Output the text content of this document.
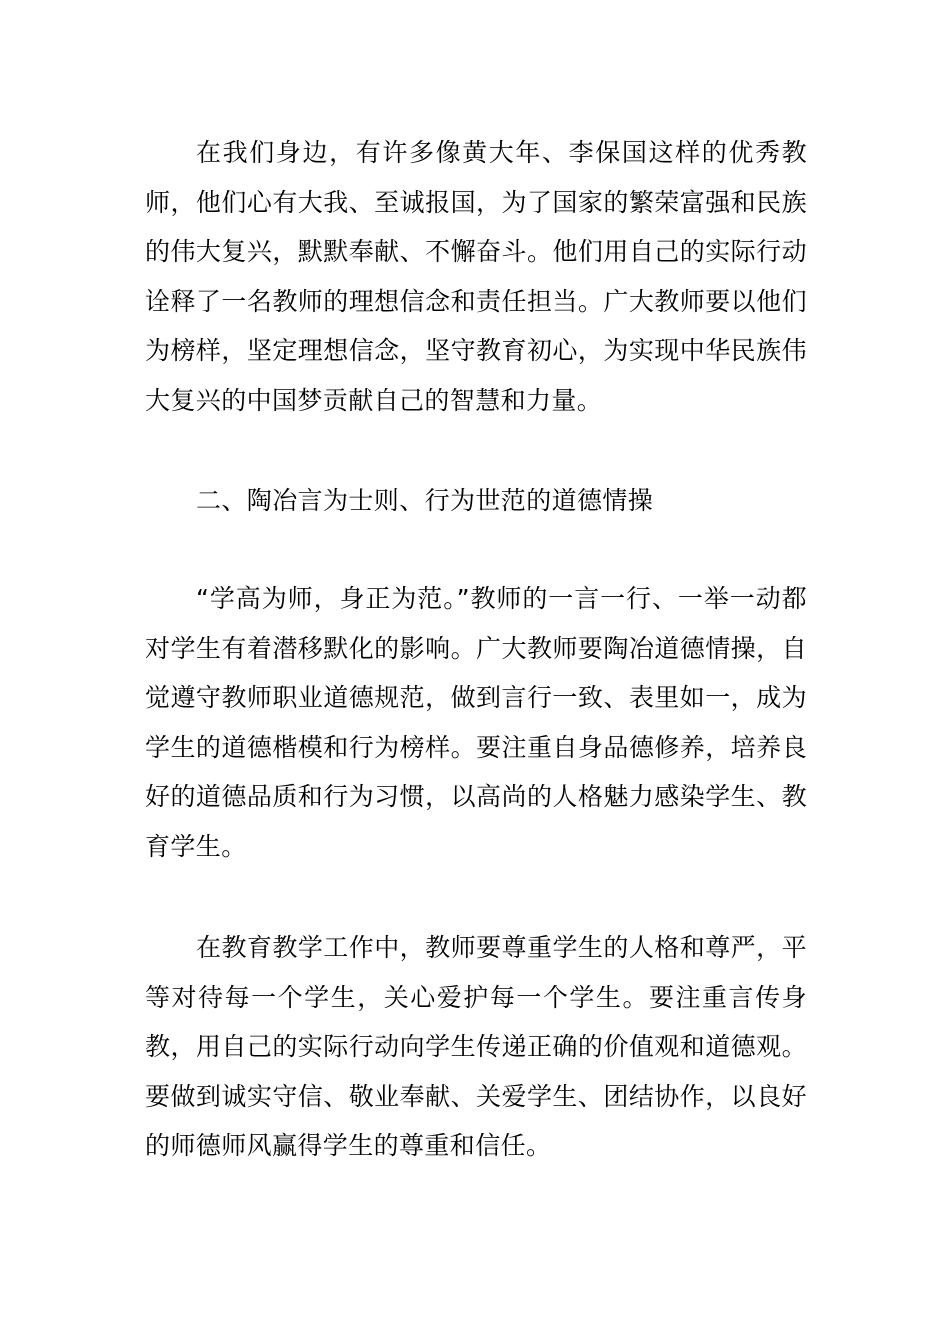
在我们身边，有许多像黄大年、李保国这样的优秀教师，他们心有大我、至诚报国，为了国家的繁荣富强和民族的伟大复兴，默默奉献、不懈奋斗。他们用自己的实际行动诠释了一名教师的理想信念和责任担当。广大教师要以他们为榜样，坚定理想信念，坚守教育初心，为实现中华民族伟大复兴的中国梦贡献自己的智慧和力量。

二、陶冶言为士则、行为世范的道德情操

“学高为师，身正为范。”教师的一言一行、一举一动都对学生有着潜移默化的影响。广大教师要陶冶道德情操，自觉遵守教师职业道德规范，做到言行一致、表里如一，成为学生的道德楷模和行为榜样。要注重自身品德修养，培养良好的道德品质和行为习惯，以高尚的人格魅力感染学生、教育学生。

在教育教学工作中，教师要尊重学生的人格和尊严，平等对待每一个学生，关心爱护每一个学生。要注重言传身教，用自己的实际行动向学生传递正确的价值观和道德观。要做到诚实守信、敬业奉献、关爱学生、团结协作，以良好的师德师风赢得学生的尊重和信任。
